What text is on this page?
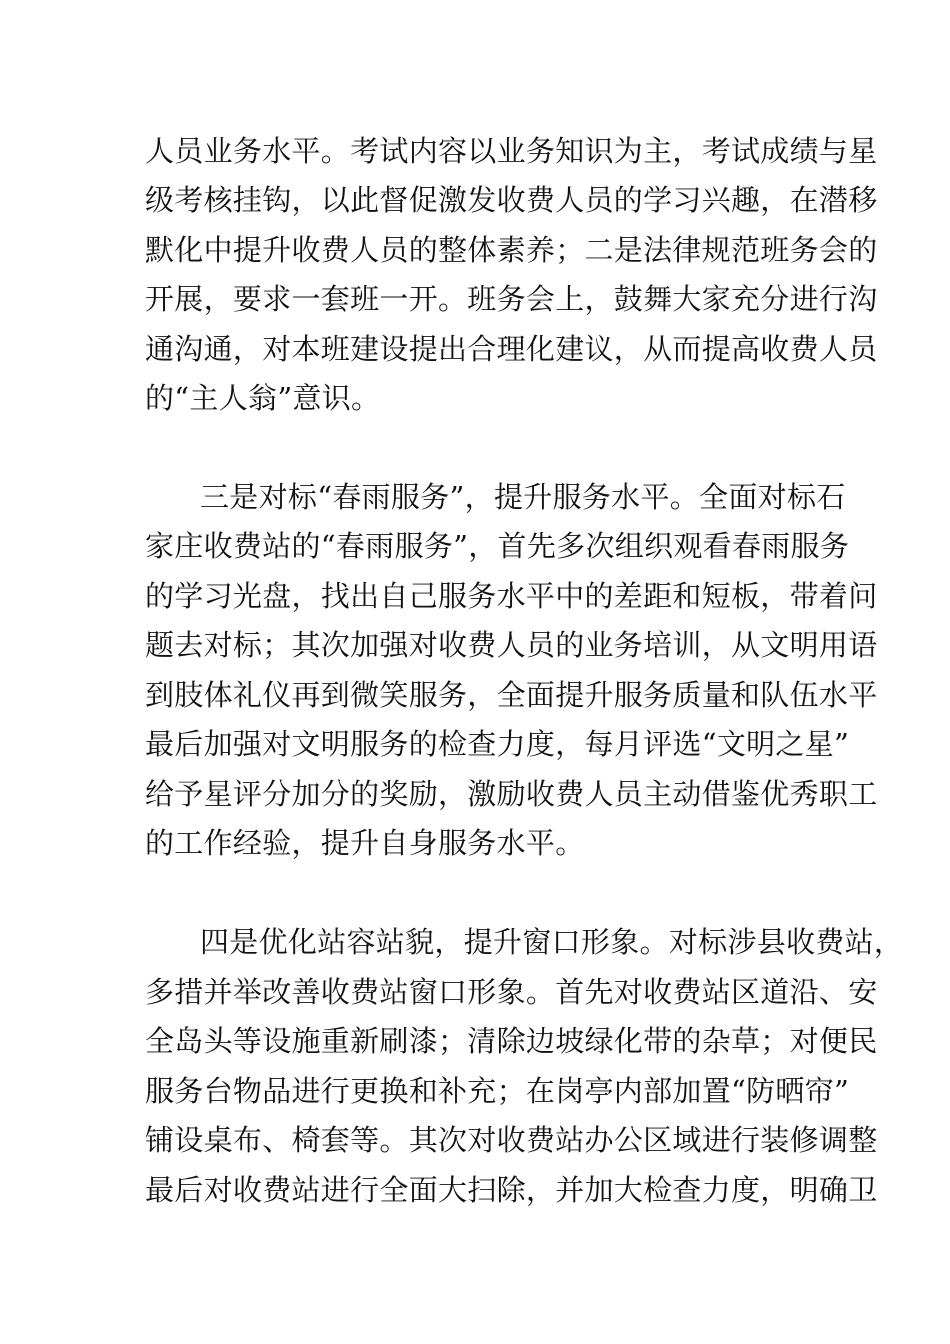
人员业务水平。考试内容以业务知识为主，考试成绩与星
级考核挂钩，以此督促激发收费人员的学习兴趣，在潜移
默化中提升收费人员的整体素养；二是法律规范班务会的
开展，要求一套班一开。班务会上，鼓舞大家充分进行沟
通沟通，对本班建设提出合理化建议，从而提高收费人员
的“主人翁”意识。
三是对标“春雨服务”，提升服务水平。全面对标石
家庄收费站的“春雨服务”，首先多次组织观看春雨服务
的学习光盘，找出自己服务水平中的差距和短板，带着问
题去对标；其次加强对收费人员的业务培训，从文明用语
到肢体礼仪再到微笑服务，全面提升服务质量和队伍水平
最后加强对文明服务的检查力度，每月评选“文明之星”
给予星评分加分的奖励，激励收费人员主动借鉴优秀职工
的工作经验，提升自身服务水平。
四是优化站容站貌，提升窗口形象。对标涉县收费站，
多措并举改善收费站窗口形象。首先对收费站区道沿、安
全岛头等设施重新刷漆；清除边坡绿化带的杂草；对便民
服务台物品进行更换和补充；在岗亭内部加置“防晒帘”
铺设桌布、椅套等。其次对收费站办公区域进行装修调整
最后对收费站进行全面大扫除，并加大检查力度，明确卫
